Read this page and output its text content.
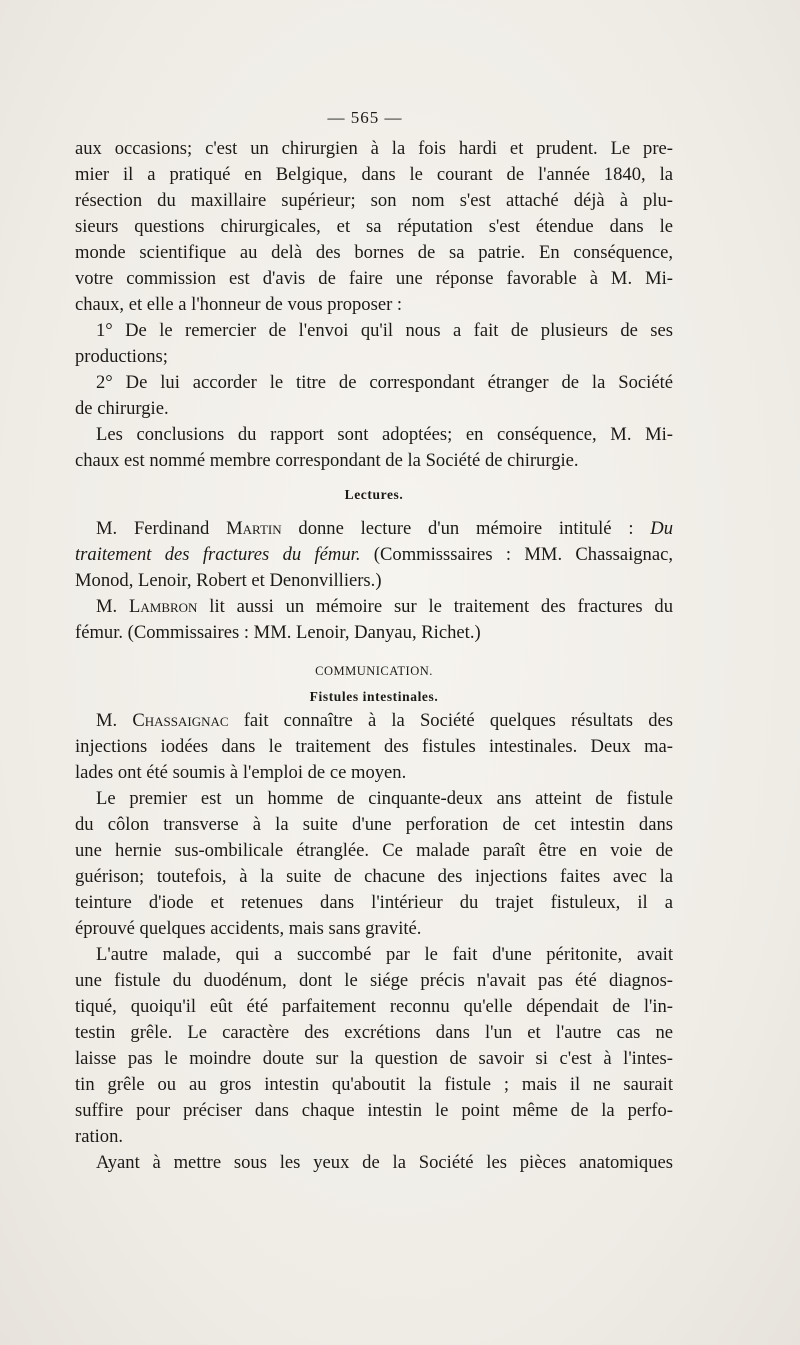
— 565 —
aux occasions; c'est un chirurgien à la fois hardi et prudent. Le pre-
mier il a pratiqué en Belgique, dans le courant de l'année 1840, la
résection du maxillaire supérieur; son nom s'est attaché déjà à plu-
sieurs questions chirurgicales, et sa réputation s'est étendue dans le
monde scientifique au delà des bornes de sa patrie. En conséquence,
votre commission est d'avis de faire une réponse favorable à M. Mi-
chaux, et elle a l'honneur de vous proposer :
1° De le remercier de l'envoi qu'il nous a fait de plusieurs de ses
productions;
2° De lui accorder le titre de correspondant étranger de la Société
de chirurgie.
Les conclusions du rapport sont adoptées; en conséquence, M. Mi-
chaux est nommé membre correspondant de la Société de chirurgie.
Lectures.
M. Ferdinand Martin donne lecture d'un mémoire intitulé : Du
traitement des fractures du fémur. (Commisssaires : MM. Chassaignac,
Monod, Lenoir, Robert et Denonvilliers.)
M. Lambron lit aussi un mémoire sur le traitement des fractures du
fémur. (Commissaires : MM. Lenoir, Danyau, Richet.)
COMMUNICATION.
Fistules intestinales.
M. Chassaignac fait connaître à la Société quelques résultats des
injections iodées dans le traitement des fistules intestinales. Deux ma-
lades ont été soumis à l'emploi de ce moyen.
Le premier est un homme de cinquante-deux ans atteint de fistule
du côlon transverse à la suite d'une perforation de cet intestin dans
une hernie sus-ombilicale étranglée. Ce malade paraît être en voie de
guérison; toutefois, à la suite de chacune des injections faites avec la
teinture d'iode et retenues dans l'intérieur du trajet fistuleux, il a
éprouvé quelques accidents, mais sans gravité.
L'autre malade, qui a succombé par le fait d'une péritonite, avait
une fistule du duodénum, dont le siége précis n'avait pas été diagnos-
tiqué, quoiqu'il eût été parfaitement reconnu qu'elle dépendait de l'in-
testin grêle. Le caractère des excrétions dans l'un et l'autre cas ne
laisse pas le moindre doute sur la question de savoir si c'est à l'intes-
tin grêle ou au gros intestin qu'aboutit la fistule ; mais il ne saurait
suffire pour préciser dans chaque intestin le point même de la perfo-
ration.
Ayant à mettre sous les yeux de la Société les pièces anatomiques
